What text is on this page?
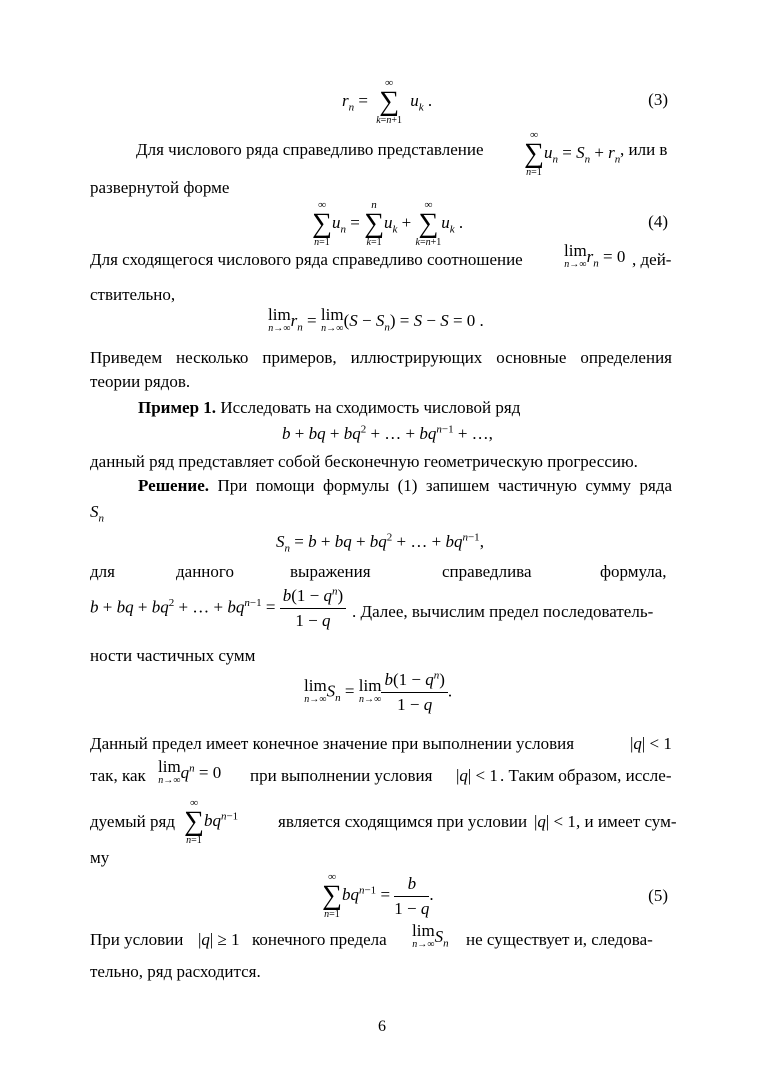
$r_n$ =
∞
∑
k=n+1
$u_k$ .	(3)
Для числового ряда справедливо представление
∞
∑
n=1
$u_n = S_n + r_n$
, или в
развернутой форме
∞
∑
n=1
$u_n$ =
n
∑
k=1
$u_k$ +
∞
∑
k=n+1
$u_k$ .	(4)
Для сходящегося числового ряда справедливо соотношение lim
n→∞ $r_n = 0$ , дей-
ствительно,
lim
n→∞ $r_n = \lim$
n→∞ $(S - S_n) = S - S = 0$ .
Приведем несколько примеров, иллюстрирующих основные определения
теории рядов.
Пример 1. Исследовать на сходимость числовой ряд
b + bq + $bq^2$ + … + $bq^{n-1}$ + …,
данный ряд представляет собой бесконечную геометрическую прогрессию.
Решение. При помощи формулы (1) запишем частичную сумму ряда
$S_n$
$S_n = b$ + bq + $bq^2$ + … + $bq^{n-1}$,
для	данного	выражения	справедлива	формула,
b + bq + $bq^2$ + … + $bq^{n-1} = \frac{b(1 - q^n)}{1 - q}$ . Далее, вычислим предел последователь-
ности частичных сумм
lim
n→∞ $S_n = \lim$
$n\to\infty \frac{b(1 - q^n)}{1 - q}$ .
Данный предел имеет конечное значение при выполнении условия	|q| < 1
так, как lim
n→∞ $q^n = 0$ при выполнении условия |q| < 1 . Таким образом, иссле-
дуемый ряд
∞
∑
n=1
$bq^{n-1}$ является сходящимся при условии |q| < 1 , и имеет сум-
му
∞
∑
n=1
$bq^{n-1} = \frac{b}{1 - q}$ .	(5)
При условии |q| ≥ 1 конечного предела lim
n→∞ $S_n$ не существует и, следова-
тельно, ряд расходится.
6
